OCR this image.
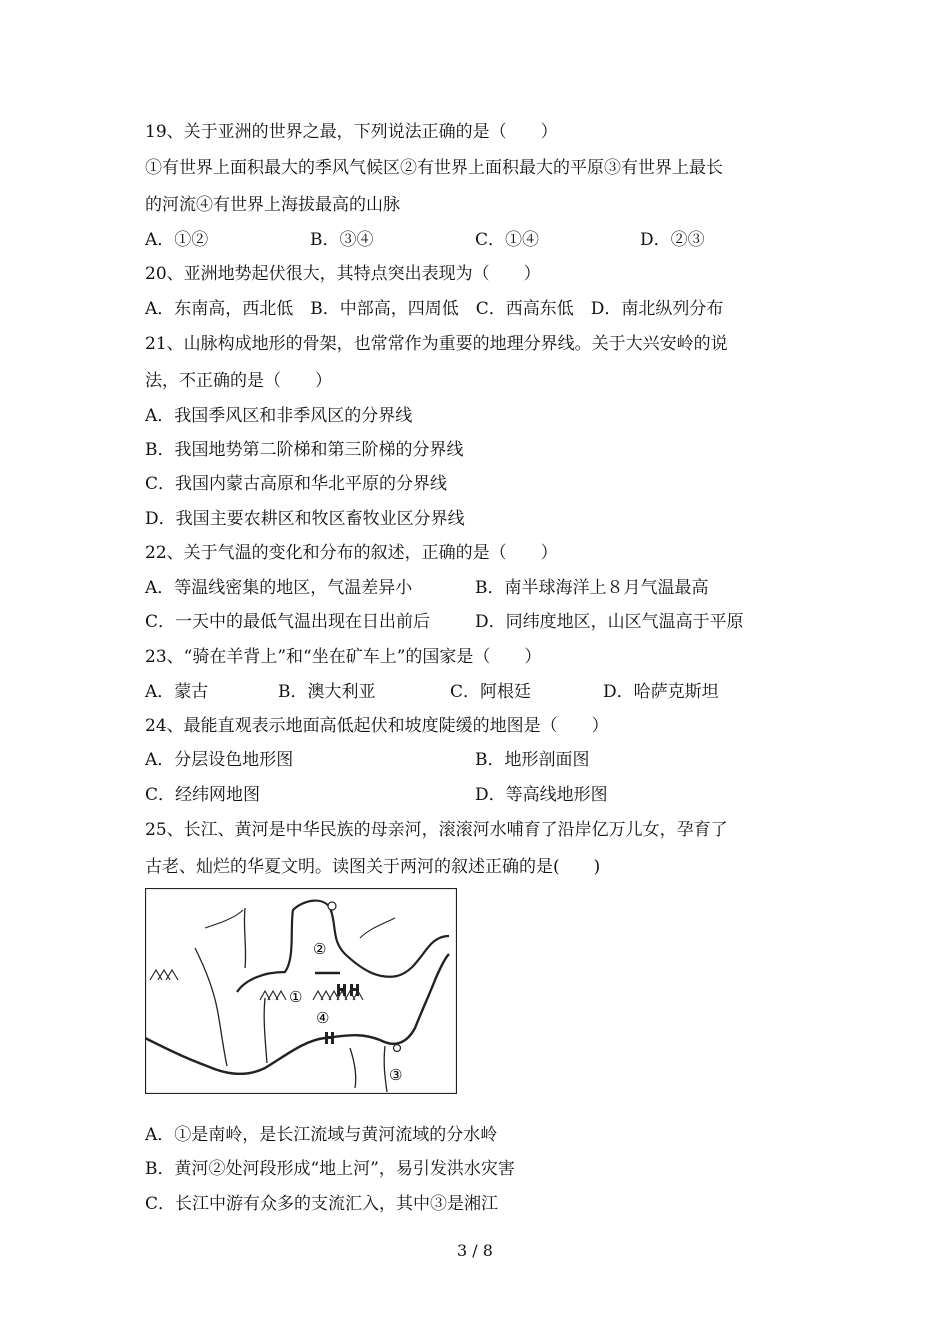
19、关于亚洲的世界之最，下列说法正确的是（　　）
①有世界上面积最大的季风气候区②有世界上面积最大的平原③有世界上最长
的河流④有世界上海拔最高的山脉
A．①②	B．③④	C．①④	D．②③
20、亚洲地势起伏很大，其特点突出表现为（　　）
A．东南高，西北低　B．中部高，四周低　C．西高东低　D．南北纵列分布
21、山脉构成地形的骨架，也常常作为重要的地理分界线。关于大兴安岭的说
法，不正确的是（　　）
A．我国季风区和非季风区的分界线
B．我国地势第二阶梯和第三阶梯的分界线
C．我国内蒙古高原和华北平原的分界线
D．我国主要农耕区和牧区畜牧业区分界线
22、关于气温的变化和分布的叙述，正确的是（　　）
A．等温线密集的地区，气温差异小	B．南半球海洋上８月气温最高
C．一天中的最低气温出现在日出前后	D．同纬度地区，山区气温高于平原
23、“骑在羊背上”和“坐在矿车上”的国家是（　　）
A．蒙古	B．澳大利亚	C．阿根廷	D．哈萨克斯坦
24、最能直观表示地面高低起伏和坡度陡缓的地图是（　　）
A．分层设色地形图	B．地形剖面图
C．经纬网地图	D．等高线地形图
25、长江、黄河是中华民族的母亲河，滚滚河水哺育了沿岸亿万儿女，孕育了
古老、灿烂的华夏文明。读图关于两河的叙述正确的是(　　)
①
②
③
④
A．①是南岭，是长江流域与黄河流域的分水岭
B．黄河②处河段形成“地上河”，易引发洪水灾害
C．长江中游有众多的支流汇入，其中③是湘江
3 / 8
